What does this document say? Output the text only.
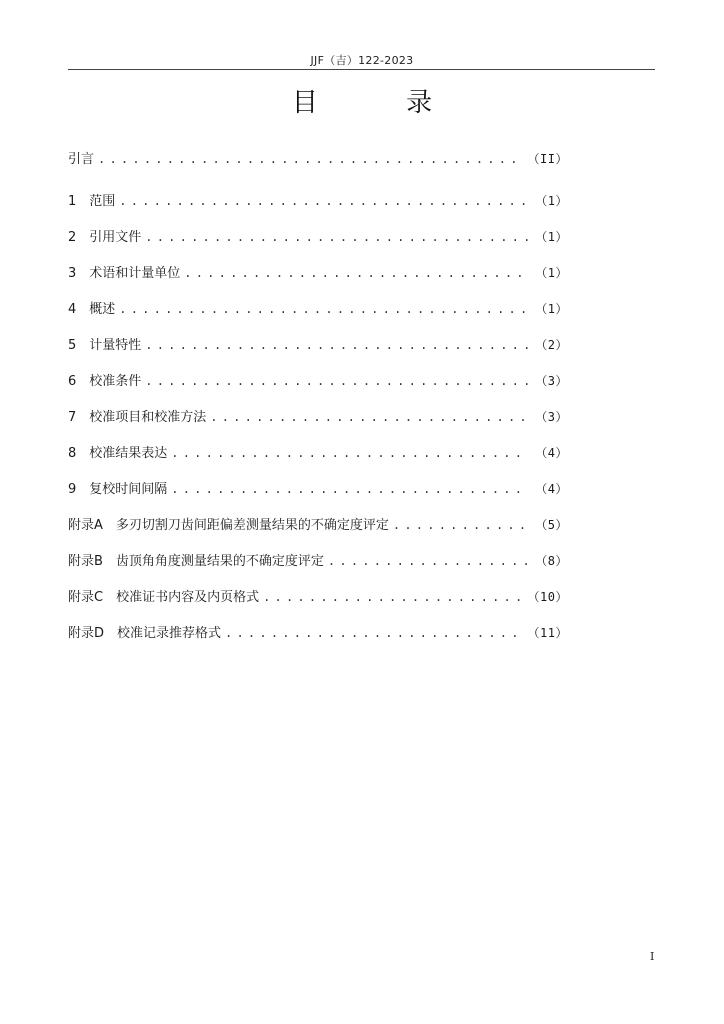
JJF（吉）122-2023
目 录
引言 . . .	（II）
1　范围 . . .	（1）
2　引用文件 . . .	（1）
3　术语和计量单位 . . .	（1）
4　概述 . . .	（1）
5　计量特性 . . .	（2）
6　校准条件 . . .	（3）
7　校准项目和校准方法 . . .	（3）
8　校准结果表达 . . .	（4）
9　复校时间间隔 . . .	（4）
附录A　多刃切割刀齿间距偏差测量结果的不确定度评定 . . .	（5）
附录B　齿顶角角度测量结果的不确定度评定 . . .	（8）
附录C　校准证书内容及内页格式 . . .	（10）
附录D　校准记录推荐格式 . . .	（11）
I
